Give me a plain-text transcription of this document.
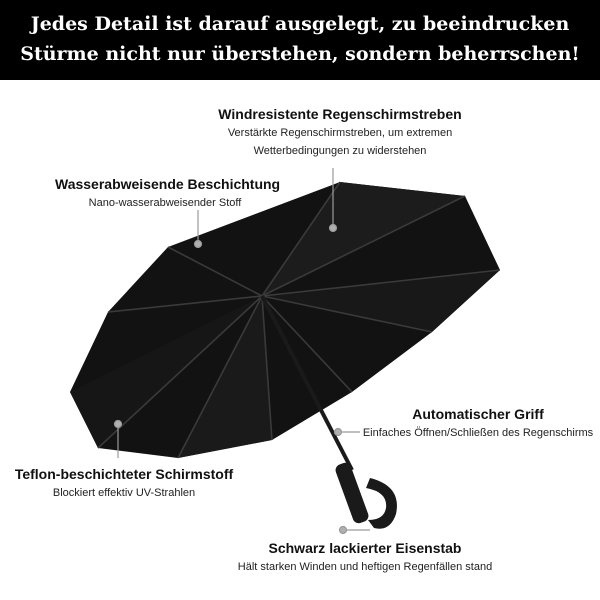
Jedes Detail ist darauf ausgelegt, zu beeindrucken
Stürme nicht nur überstehen, sondern beherrschen!
Windresistente Regenschirmstreben
Verstärkte Regenschirmstreben, um extremen
Wetterbedingungen zu widerstehen
Wasserabweisende Beschichtung
Nano-wasserabweisender Stoff
Automatischer Griff
Einfaches Öffnen/Schließen des Regenschirms
Teflon-beschichteter Schirmstoff
Blockiert effektiv UV-Strahlen
Schwarz lackierter Eisenstab
Hält starken Winden und heftigen Regenfällen stand
